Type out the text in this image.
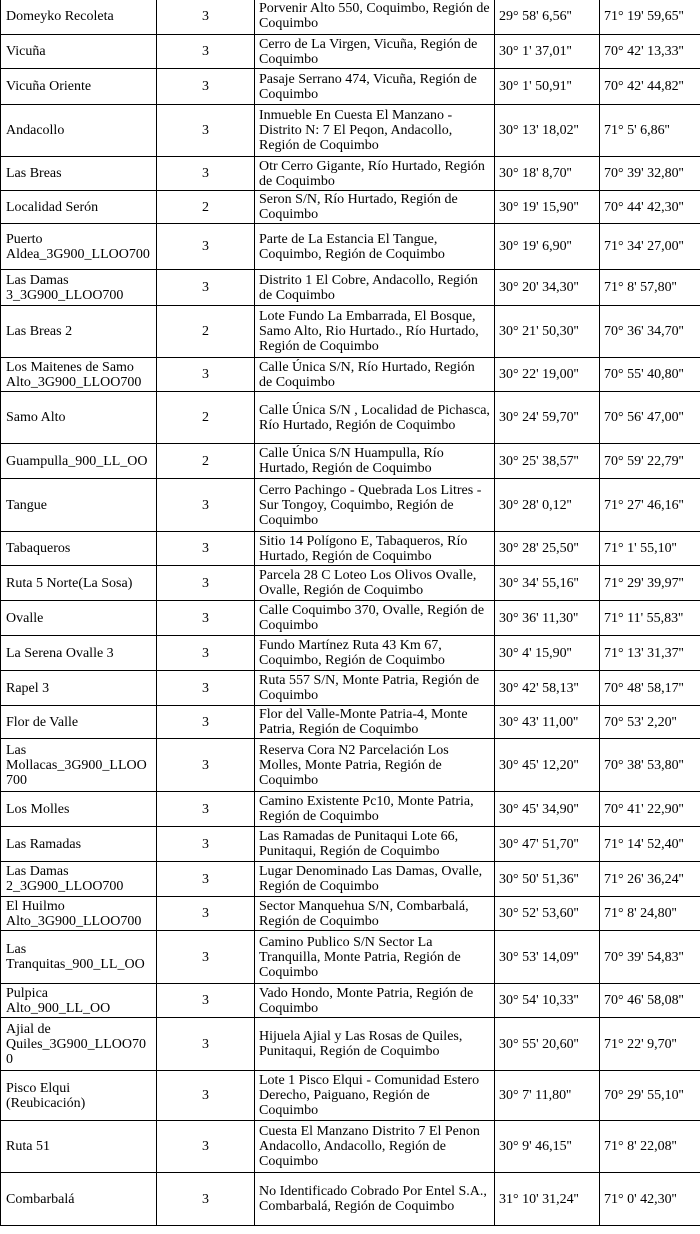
Domeyko Recoleta	3	Porvenir Alto 550, Coquimbo, Región de Coquimbo	29° 58' 6,56''	71° 19' 59,65''
Vicuña	3	Cerro de La Virgen, Vicuña, Región de Coquimbo	30° 1' 37,01''	70° 42' 13,33''
Vicuña Oriente	3	Pasaje Serrano 474, Vicuña, Región de Coquimbo	30° 1' 50,91''	70° 42' 44,82''
Andacollo	3	Inmueble En Cuesta El Manzano - Distrito N: 7 El Peqon, Andacollo, Región de Coquimbo	30° 13' 18,02''	71° 5' 6,86''
Las Breas	3	Otr Cerro Gigante, Río Hurtado, Región de Coquimbo	30° 18' 8,70''	70° 39' 32,80''
Localidad Serón	2	Seron S/N, Río Hurtado, Región de Coquimbo	30° 19' 15,90''	70° 44' 42,30''
Puerto Aldea_3G900_LLOO700	3	Parte de La Estancia El Tangue, Coquimbo, Región de Coquimbo	30° 19' 6,90''	71° 34' 27,00''
Las Damas 3_3G900_LLOO700	3	Distrito 1 El Cobre, Andacollo, Región de Coquimbo	30° 20' 34,30''	71° 8' 57,80''
Las Breas 2	2	Lote Fundo La Embarrada, El Bosque, Samo Alto, Rio Hurtado., Río Hurtado, Región de Coquimbo	30° 21' 50,30''	70° 36' 34,70''
Los Maitenes de Samo Alto_3G900_LLOO700	3	Calle Única S/N, Río Hurtado, Región de Coquimbo	30° 22' 19,00''	70° 55' 40,80''
Samo Alto	2	Calle Única S/N , Localidad de Pichasca, Río Hurtado, Región de Coquimbo	30° 24' 59,70''	70° 56' 47,00''
Guampulla_900_LL_OO	2	Calle Única S/N Huampulla, Río Hurtado, Región de Coquimbo	30° 25' 38,57''	70° 59' 22,79''
Tangue	3	Cerro Pachingo - Quebrada Los Litres - Sur Tongoy, Coquimbo, Región de Coquimbo	30° 28' 0,12''	71° 27' 46,16''
Tabaqueros	3	Sitio 14 Polígono E, Tabaqueros, Río Hurtado, Región de Coquimbo	30° 28' 25,50''	71° 1' 55,10''
Ruta 5 Norte(La Sosa)	3	Parcela 28 C Loteo Los Olivos Ovalle, Ovalle, Región de Coquimbo	30° 34' 55,16''	71° 29' 39,97''
Ovalle	3	Calle Coquimbo 370, Ovalle, Región de Coquimbo	30° 36' 11,30''	71° 11' 55,83''
La Serena Ovalle 3	3	Fundo Martínez Ruta 43 Km 67, Coquimbo, Región de Coquimbo	30° 4' 15,90''	71° 13' 31,37''
Rapel 3	3	Ruta 557 S/N, Monte Patria, Región de Coquimbo	30° 42' 58,13''	70° 48' 58,17''
Flor de Valle	3	Flor del Valle-Monte Patria-4, Monte Patria, Región de Coquimbo	30° 43' 11,00''	70° 53' 2,20''
Las Mollacas_3G900_LLOO700	3	Reserva Cora N2 Parcelación Los Molles, Monte Patria, Región de Coquimbo	30° 45' 12,20''	70° 38' 53,80''
Los Molles	3	Camino Existente Pc10, Monte Patria, Región de Coquimbo	30° 45' 34,90''	70° 41' 22,90''
Las Ramadas	3	Las Ramadas de Punitaqui Lote 66, Punitaqui, Región de Coquimbo	30° 47' 51,70''	71° 14' 52,40''
Las Damas 2_3G900_LLOO700	3	Lugar Denominado Las Damas, Ovalle, Región de Coquimbo	30° 50' 51,36''	71° 26' 36,24''
El Huilmo Alto_3G900_LLOO700	3	Sector Manquehua S/N, Combarbalá, Región de Coquimbo	30° 52' 53,60''	71° 8' 24,80''
Las Tranquitas_900_LL_OO	3	Camino Publico S/N Sector La Tranquilla, Monte Patria, Región de Coquimbo	30° 53' 14,09''	70° 39' 54,83''
Pulpica Alto_900_LL_OO	3	Vado Hondo, Monte Patria, Región de Coquimbo	30° 54' 10,33''	70° 46' 58,08''
Ajial de Quiles_3G900_LLOO700	3	Hijuela Ajial y Las Rosas de Quiles, Punitaqui, Región de Coquimbo	30° 55' 20,60''	71° 22' 9,70''
Pisco Elqui (Reubicación)	3	Lote 1 Pisco Elqui - Comunidad Estero Derecho, Paiguano, Región de Coquimbo	30° 7' 11,80''	70° 29' 55,10''
Ruta 51	3	Cuesta El Manzano Distrito 7 El Penon Andacollo, Andacollo, Región de Coquimbo	30° 9' 46,15''	71° 8' 22,08''
Combarbalá	3	No Identificado Cobrado Por Entel S.A., Combarbalá, Región de Coquimbo	31° 10' 31,24''	71° 0' 42,30''
